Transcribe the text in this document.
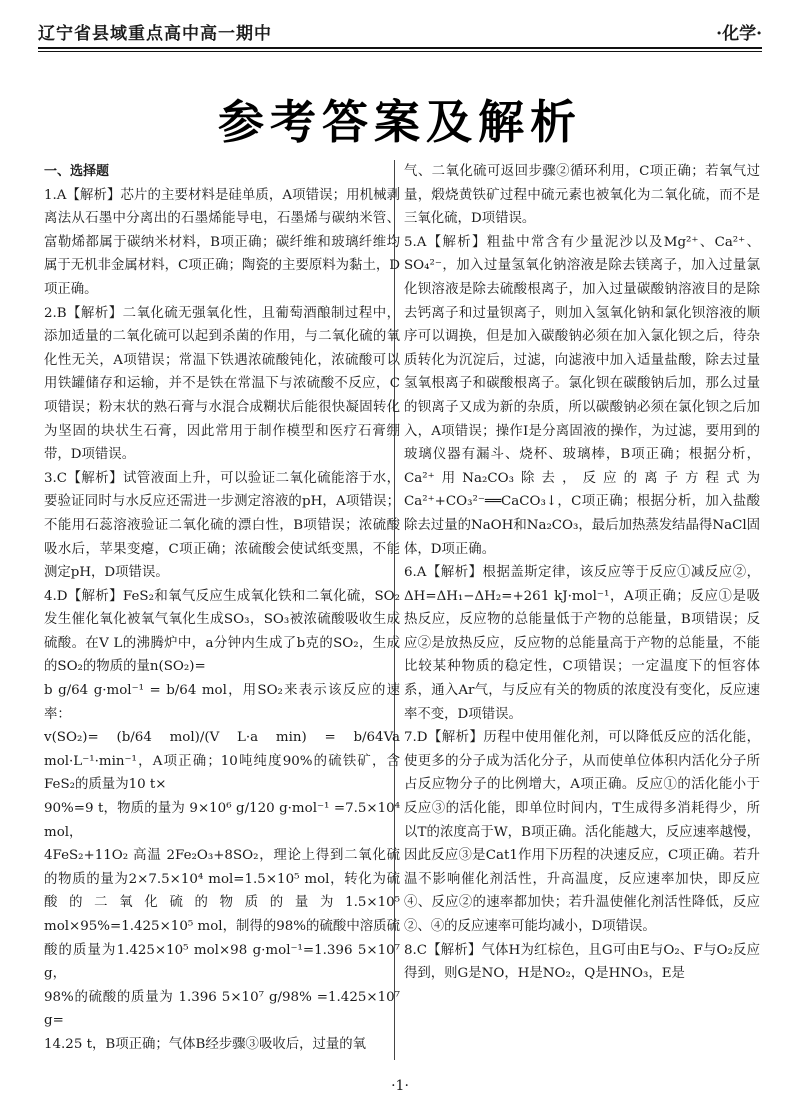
辽宁省县域重点高中高一期中	·化学·
参考答案及解析
一、选择题

1.A【解析】芯片的主要材料是硅单质，A项错误；用机械剥离法从石墨中分离出的石墨烯能导电，石墨烯与碳纳米管、富勒烯都属于碳纳米材料，B项正确；碳纤维和玻璃纤维均属于无机非金属材料，C项正确；陶瓷的主要原料为黏土，D项正确。

2.B【解析】二氧化硫无强氧化性，且葡萄酒酿制过程中，添加适量的二氧化硫可以起到杀菌的作用，与二氧化硫的氧化性无关，A项错误；常温下铁遇浓硫酸钝化，浓硫酸可以用铁罐储存和运输，并不是铁在常温下与浓硫酸不反应，C项错误；粉末状的熟石膏与水混合成糊状后能很快凝固转化为坚固的块状生石膏，因此常用于制作模型和医疗石膏绷带，D项错误。

3.C【解析】试管液面上升，可以验证二氧化硫能溶于水，要验证同时与水反应还需进一步测定溶液的pH，A项错误；不能用石蕊溶液验证二氧化硫的漂白性，B项错误；浓硫酸吸水后，苹果变瘪，C项正确；浓硫酸会使试纸变黑，不能测定pH，D项错误。

4.D【解析】FeS₂和氧气反应生成氧化铁和二氧化硫，SO₂发生催化氧化被氧气氧化生成SO₃，SO₃被浓硫酸吸收生成硫酸。在V L的沸腾炉中，a分钟内生成了b克的SO₂，生成的SO₂的物质的量n(SO₂)=

b g/64 g·mol⁻¹ = b/64 mol，用SO₂来表示该反应的速率：

v(SO₂)= (b/64 mol)/(V L·a min) = b/64Va mol·L⁻¹·min⁻¹，A项正确；10吨纯度90%的硫铁矿，含FeS₂的质量为10 t×

90%=9 t，物质的量为 9×10⁶ g/120 g·mol⁻¹ =7.5×10⁴ mol，

4FeS₂+11O₂ 高温 2Fe₂O₃+8SO₂，理论上得到二氧化硫的物质的量为2×7.5×10⁴ mol=1.5×10⁵ mol，转化为硫酸的二氧化硫的物质的量为1.5×10⁵ mol×95%=1.425×10⁵ mol，制得的98%的硫酸中溶质硫酸的质量为1.425×10⁵ mol×98 g·mol⁻¹=1.396 5×10⁷ g，

98%的硫酸的质量为 1.396 5×10⁷ g/98% =1.425×10⁷ g=

14.25 t，B项正确；气体B经步骤③吸收后，过量的氧

气、二氧化硫可返回步骤②循环利用，C项正确；若氧气过量，煅烧黄铁矿过程中硫元素也被氧化为二氧化硫，而不是三氧化硫，D项错误。

5.A【解析】粗盐中常含有少量泥沙以及Mg²⁺、Ca²⁺、SO₄²⁻，加入过量氢氧化钠溶液是除去镁离子，加入过量氯化钡溶液是除去硫酸根离子，加入过量碳酸钠溶液目的是除去钙离子和过量钡离子，则加入氢氧化钠和氯化钡溶液的顺序可以调换，但是加入碳酸钠必须在加入氯化钡之后，待杂质转化为沉淀后，过滤，向滤液中加入适量盐酸，除去过量氢氧根离子和碳酸根离子。氯化钡在碳酸钠后加，那么过量的钡离子又成为新的杂质，所以碳酸钠必须在氯化钡之后加入，A项错误；操作Ⅰ是分离固液的操作，为过滤，要用到的玻璃仪器有漏斗、烧杯、玻璃棒，B项正确；根据分析，Ca²⁺用Na₂CO₃除去，反应的离子方程式为Ca²⁺+CO₃²⁻══CaCO₃↓，C项正确；根据分析，加入盐酸除去过量的NaOH和Na₂CO₃，最后加热蒸发结晶得NaCl固体，D项正确。

6.A【解析】根据盖斯定律，该反应等于反应①减反应②，ΔH=ΔH₁−ΔH₂=+261 kJ·mol⁻¹，A项正确；反应①是吸热反应，反应物的总能量低于产物的总能量，B项错误；反应②是放热反应，反应物的总能量高于产物的总能量，不能比较某种物质的稳定性，C项错误；一定温度下的恒容体系，通入Ar气，与反应有关的物质的浓度没有变化，反应速率不变，D项错误。

7.D【解析】历程中使用催化剂，可以降低反应的活化能，使更多的分子成为活化分子，从而使单位体积内活化分子所占反应物分子的比例增大，A项正确。反应①的活化能小于反应③的活化能，即单位时间内，T生成得多消耗得少，所以T的浓度高于W，B项正确。活化能越大，反应速率越慢，因此反应③是Cat1作用下历程的决速反应，C项正确。若升温不影响催化剂活性，升高温度，反应速率加快，即反应④、反应②的速率都加快；若升温使催化剂活性降低，反应②、④的反应速率可能均减小，D项错误。

8.C【解析】气体H为红棕色，且G可由E与O₂、F与O₂反应得到，则G是NO，H是NO₂，Q是HNO₃，E是

·1·
